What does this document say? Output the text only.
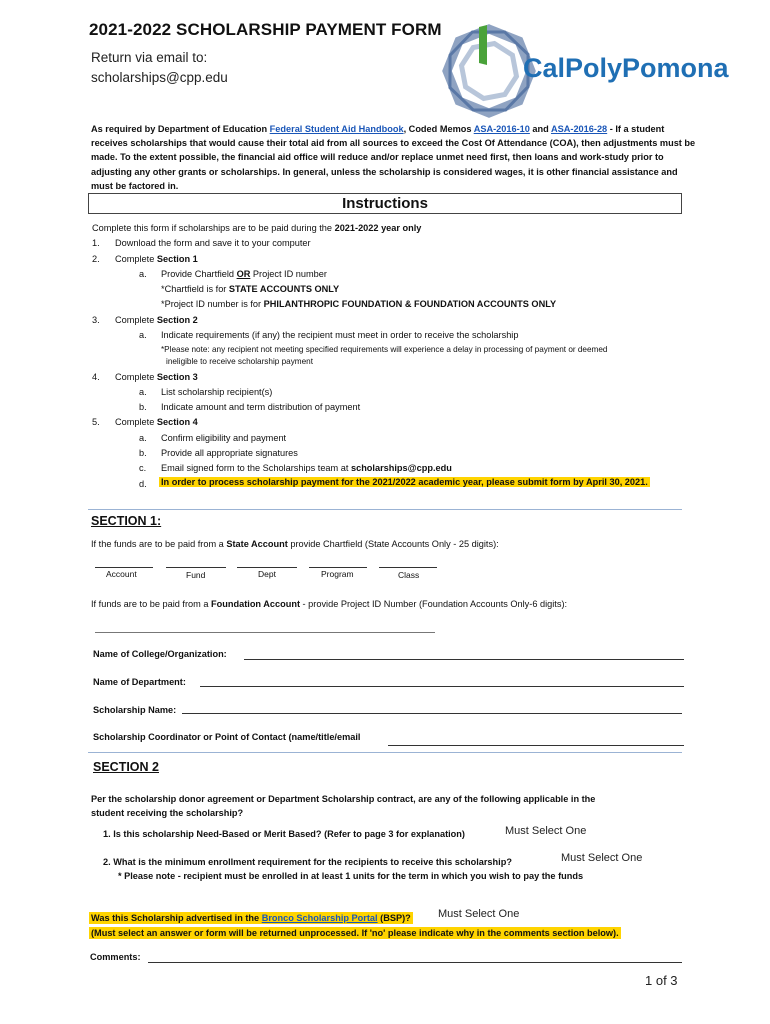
2021-2022 SCHOLARSHIP PAYMENT FORM
Return via email to:
scholarships@cpp.edu	CalPolyPomona
As required by Department of Education Federal Student Aid Handbook, Coded Memos ASA-2016-10 and ASA-2016-28 - If a student receives scholarships that would cause their total aid from all sources to exceed the Cost Of Attendance (COA), then adjustments must be made. To the extent possible, the financial aid office will reduce and/or replace unmet need first, then loans and work-study prior to adjusting any other grants or scholarships. In general, unless the scholarship is considered wages, it is other financial assistance and must be factored in.
Instructions
Complete this form if scholarships are to be paid during the 2021-2022 year only
1. Download the form and save it to your computer
2. Complete Section 1
a. Provide Chartfield OR Project ID number
*Chartfield is for STATE ACCOUNTS ONLY
*Project ID number is for PHILANTHROPIC FOUNDATION & FOUNDATION ACCOUNTS ONLY
3. Complete Section 2
a. Indicate requirements (if any) the recipient must meet in order to receive the scholarship
*Please note: any recipient not meeting specified requirements will experience a delay in processing of payment or deemed
ineligible to receive scholarship payment
4. Complete Section 3
a. List scholarship recipient(s)
b. Indicate amount and term distribution of payment
5. Complete Section 4
a. Confirm eligibility and payment
b. Provide all appropriate signatures
c. Email signed form to the Scholarships team at scholarships@cpp.edu
d. In order to process scholarship payment for the 2021/2022 academic year, please submit form by April 30, 2021.
SECTION 1:
If the funds are to be paid from a State Account provide Chartfield (State Accounts Only - 25 digits):
Account	Fund	Dept	Program	Class
If funds are to be paid from a Foundation Account - provide Project ID Number (Foundation Accounts Only-6 digits):
Name of College/Organization:
Name of Department:
Scholarship Name:
Scholarship Coordinator or Point of Contact (name/title/email
SECTION 2
Per the scholarship donor agreement or Department Scholarship contract, are any of the following applicable in the
student receiving the scholarship?
1. Is this scholarship Need-Based or Merit Based? (Refer to page 3 for explanation)	Must Select One
2. What is the minimum enrollment requirement for the recipients to receive this scholarship?	Must Select One
* Please note - recipient must be enrolled in at least 1 units for the term in which you wish to pay the funds
Was this Scholarship advertised in the Bronco Scholarship Portal (BSP)? Must Select One
(Must select an answer or form will be returned unprocessed. If 'no' please indicate why in the comments section below).
Comments:
1 of 3
